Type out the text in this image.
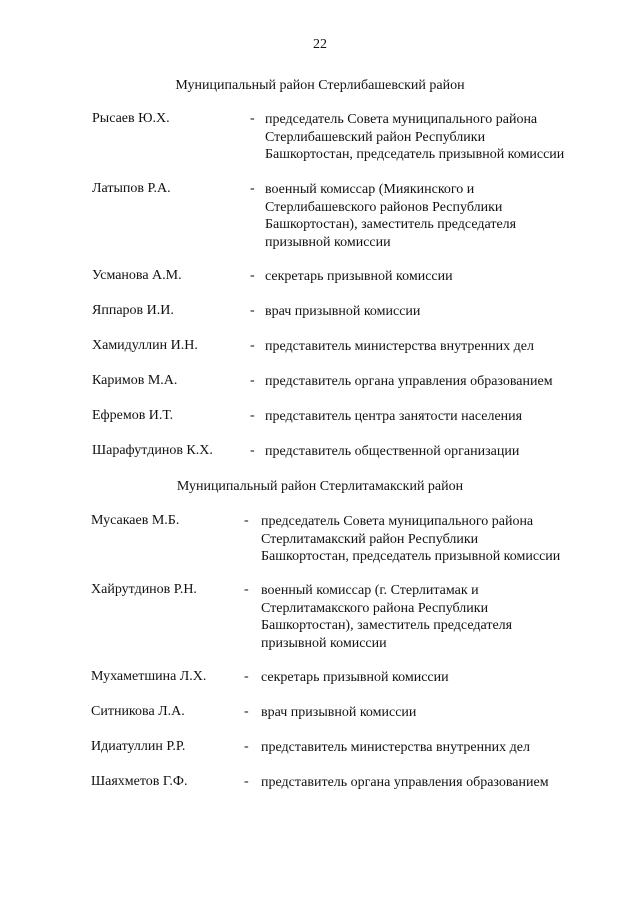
22

Муниципальный район Стерлибашевский район

Рысаев Ю.Х.	- председатель Совета муниципального района
Стерлибашевский район Республики
Башкортостан, председатель призывной комиссии

Латыпов Р.А.	- военный комиссар (Миякинского и
Стерлибашевского районов Республики
Башкортостан), заместитель председателя
призывной комиссии

Усманова А.М.	- секретарь призывной комиссии

Яппаров И.И.	- врач призывной комиссии

Хамидуллин И.Н.	- представитель министерства внутренних дел

Каримов М.А.	- представитель органа управления образованием

Ефремов И.Т.	- представитель центра занятости населения

Шарафутдинов К.Х.	- представитель общественной организации

Муниципальный район Стерлитамакский район

Мусакаев М.Б.	- председатель Совета муниципального района
Стерлитамакский район Республики
Башкортостан, председатель призывной комиссии

Хайрутдинов Р.Н.	- военный комиссар (г. Стерлитамак и
Стерлитамакского района Республики
Башкортостан), заместитель председателя
призывной комиссии

Мухаметшина Л.Х.	- секретарь призывной комиссии

Ситникова Л.А.	- врач призывной комиссии

Идиатуллин Р.Р.	- представитель министерства внутренних дел

Шаяхметов Г.Ф.	- представитель органа управления образованием
